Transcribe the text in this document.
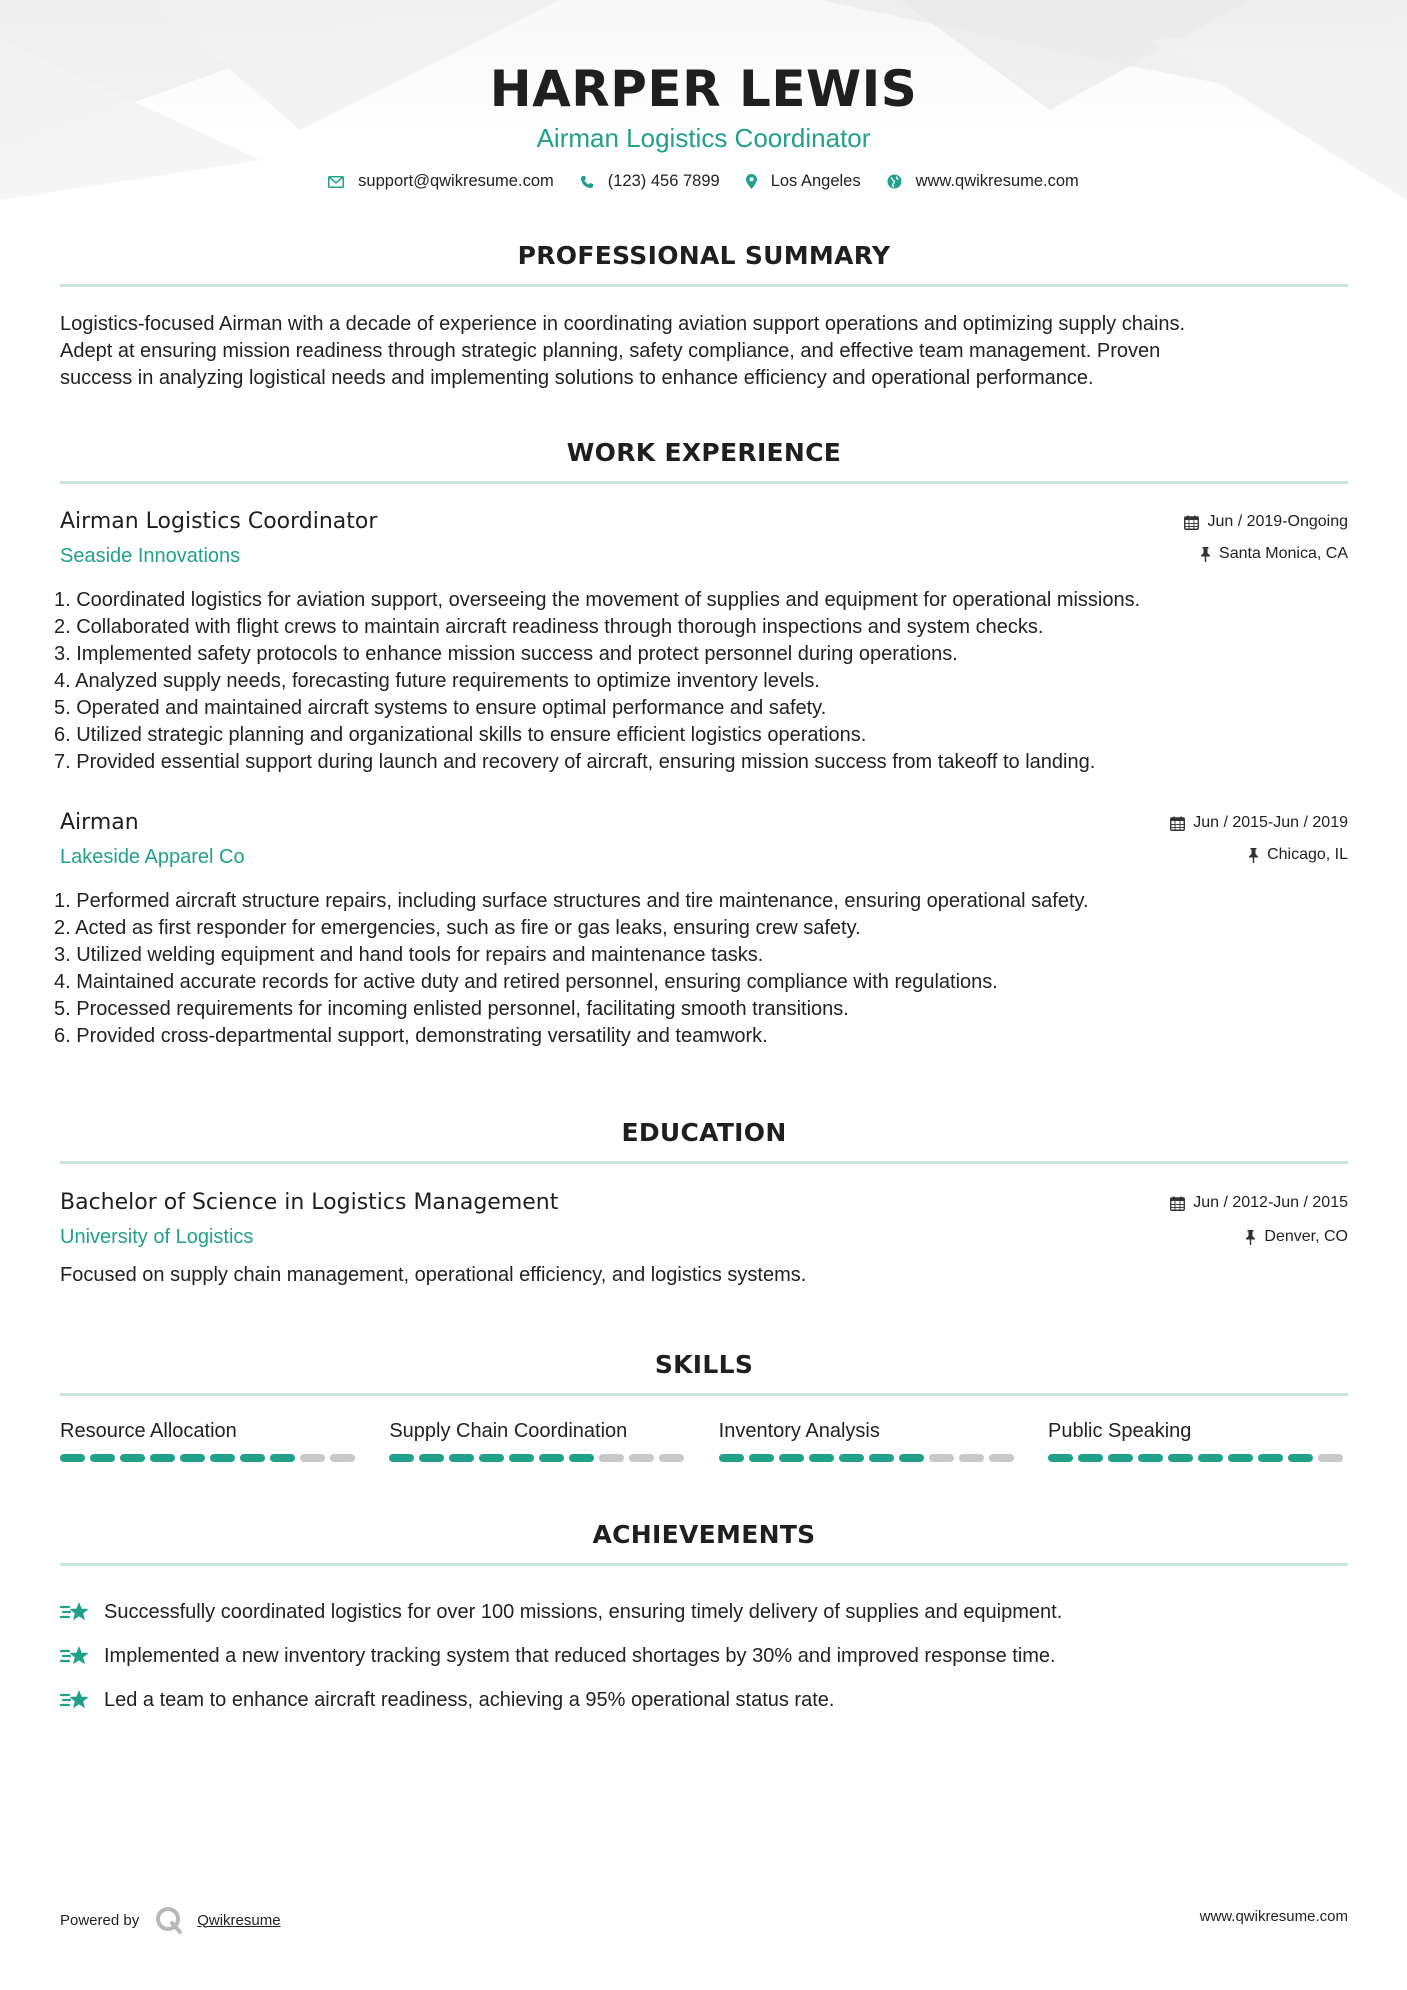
HARPER LEWIS
Airman Logistics Coordinator
support@qwikresume.com	(123) 456 7899	Los Angeles	www.qwikresume.com
PROFESSIONAL SUMMARY
Logistics-focused Airman with a decade of experience in coordinating aviation support operations and optimizing supply chains.
Adept at ensuring mission readiness through strategic planning, safety compliance, and effective team management. Proven
success in analyzing logistical needs and implementing solutions to enhance efficiency and operational performance.
WORK EXPERIENCE
Airman Logistics Coordinator
Seaside Innovations
Jun / 2019-Ongoing
Santa Monica, CA
1. Coordinated logistics for aviation support, overseeing the movement of supplies and equipment for operational missions.
2. Collaborated with flight crews to maintain aircraft readiness through thorough inspections and system checks.
3. Implemented safety protocols to enhance mission success and protect personnel during operations.
4. Analyzed supply needs, forecasting future requirements to optimize inventory levels.
5. Operated and maintained aircraft systems to ensure optimal performance and safety.
6. Utilized strategic planning and organizational skills to ensure efficient logistics operations.
7. Provided essential support during launch and recovery of aircraft, ensuring mission success from takeoff to landing.
Airman
Lakeside Apparel Co
Jun / 2015-Jun / 2019
Chicago, IL
1. Performed aircraft structure repairs, including surface structures and tire maintenance, ensuring operational safety.
2. Acted as first responder for emergencies, such as fire or gas leaks, ensuring crew safety.
3. Utilized welding equipment and hand tools for repairs and maintenance tasks.
4. Maintained accurate records for active duty and retired personnel, ensuring compliance with regulations.
5. Processed requirements for incoming enlisted personnel, facilitating smooth transitions.
6. Provided cross-departmental support, demonstrating versatility and teamwork.
EDUCATION
Bachelor of Science in Logistics Management
University of Logistics
Jun / 2012-Jun / 2015
Denver, CO
Focused on supply chain management, operational efficiency, and logistics systems.
SKILLS
Resource Allocation	Supply Chain Coordination	Inventory Analysis	Public Speaking
ACHIEVEMENTS
Successfully coordinated logistics for over 100 missions, ensuring timely delivery of supplies and equipment.
Implemented a new inventory tracking system that reduced shortages by 30% and improved response time.
Led a team to enhance aircraft readiness, achieving a 95% operational status rate.
Powered by	Qwikresume	www.qwikresume.com
